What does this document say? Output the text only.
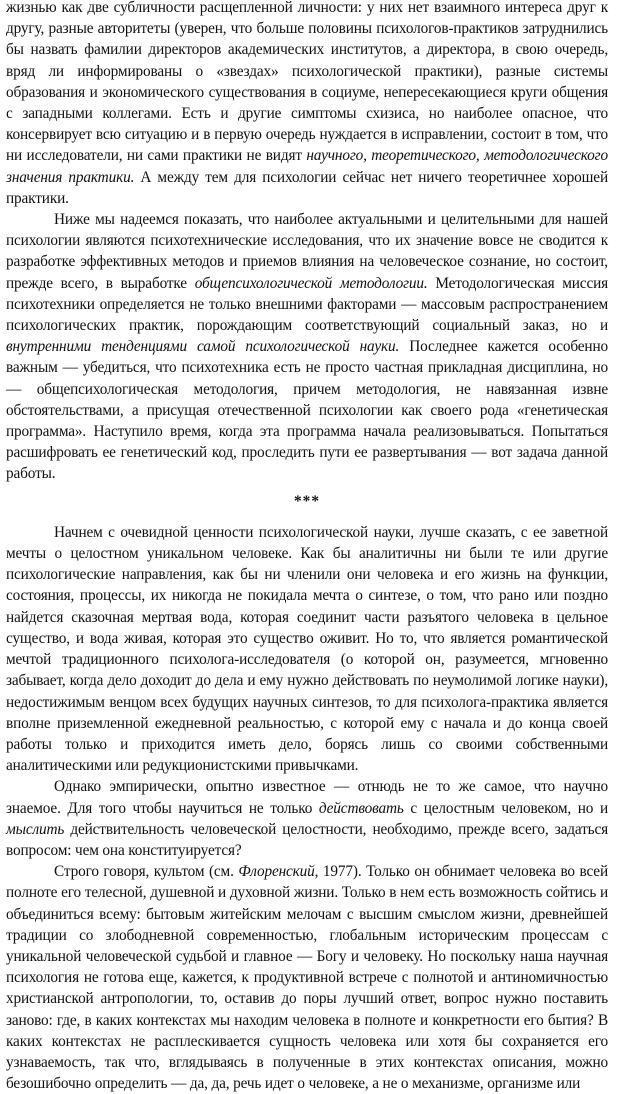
жизнью как две субличности расщепленной личности: у них нет взаимного интереса друг к другу, разные авторитеты (уверен, что больше половины психологов-практиков затруднились бы назвать фамилии директоров академических институтов, а директора, в свою очередь, вряд ли информированы о «звездах» психологической практики), разные системы образования и экономического существования в социуме, непересекающиеся круги общения с западными коллегами. Есть и другие симптомы схизиса, но наиболее опасное, что консервирует всю ситуацию и в первую очередь нуждается в исправлении, состоит в том, что ни исследователи, ни сами практики не видят научного, теоретического, методологического значения практики. А между тем для психологии сейчас нет ничего теоретичнее хорошей практики.

Ниже мы надеемся показать, что наиболее актуальными и целительными для нашей психологии являются психотехнические исследования, что их значение вовсе не сводится к разработке эффективных методов и приемов влияния на человеческое сознание, но состоит, прежде всего, в выработке общепсихологической методологии. Методологическая миссия психотехники определяется не только внешними факторами — массовым распространением психологических практик, порождающим соответствующий социальный заказ, но и внутренними тенденциями самой психологической науки. Последнее кажется особенно важным — убедиться, что психотехника есть не просто частная прикладная дисциплина, но — общепсихологическая методология, причем методология, не навязанная извне обстоятельствами, а присущая отечественной психологии как своего рода «генетическая программа». Наступило время, когда эта программа начала реализовываться. Попытаться расшифровать ее генетический код, проследить пути ее развертывания — вот задача данной работы.

***

Начнем с очевидной ценности психологической науки, лучше сказать, с ее заветной мечты о целостном уникальном человеке. Как бы аналитичны ни были те или другие психологические направления, как бы ни членили они человека и его жизнь на функции, состояния, процессы, их никогда не покидала мечта о синтезе, о том, что рано или поздно найдется сказочная мертвая вода, которая соединит части разъятого человека в цельное существо, и вода живая, которая это существо оживит. Но то, что является романтической мечтой традиционного психолога-исследователя (о которой он, разумеется, мгновенно забывает, когда дело доходит до дела и ему нужно действовать по неумолимой логике науки), недостижимым венцом всех будущих научных синтезов, то для психолога-практика является вполне приземленной ежедневной реальностью, с которой ему с начала и до конца своей работы только и приходится иметь дело, борясь лишь со своими собственными аналитическими или редукционистскими привычками.

Однако эмпирически, опытно известное — отнюдь не то же самое, что научно знаемое. Для того чтобы научиться не только действовать с целостным человеком, но и мыслить действительность человеческой целостности, необходимо, прежде всего, задаться вопросом: чем она конституируется?

Строго говоря, культом (см. Флоренский, 1977). Только он обнимает человека во всей полноте его телесной, душевной и духовной жизни. Только в нем есть возможность сойтись и объединиться всему: бытовым житейским мелочам с высшим смыслом жизни, древнейшей традиции со злободневной современностью, глобальным историческим процессам с уникальной человеческой судьбой и главное — Богу и человеку. Но поскольку наша научная психология не готова еще, кажется, к продуктивной встрече с полнотой и антиномичностью христианской антропологии, то, оставив до поры лучший ответ, вопрос нужно поставить заново: где, в каких контекстах мы находим человека в полноте и конкретности его бытия? В каких контекстах не расплескивается сущность человека или хотя бы сохраняется его узнаваемость, так что, вглядываясь в полученные в этих контекстах описания, можно безошибочно определить — да, да, речь идет о человеке, а не о механизме, организме или
